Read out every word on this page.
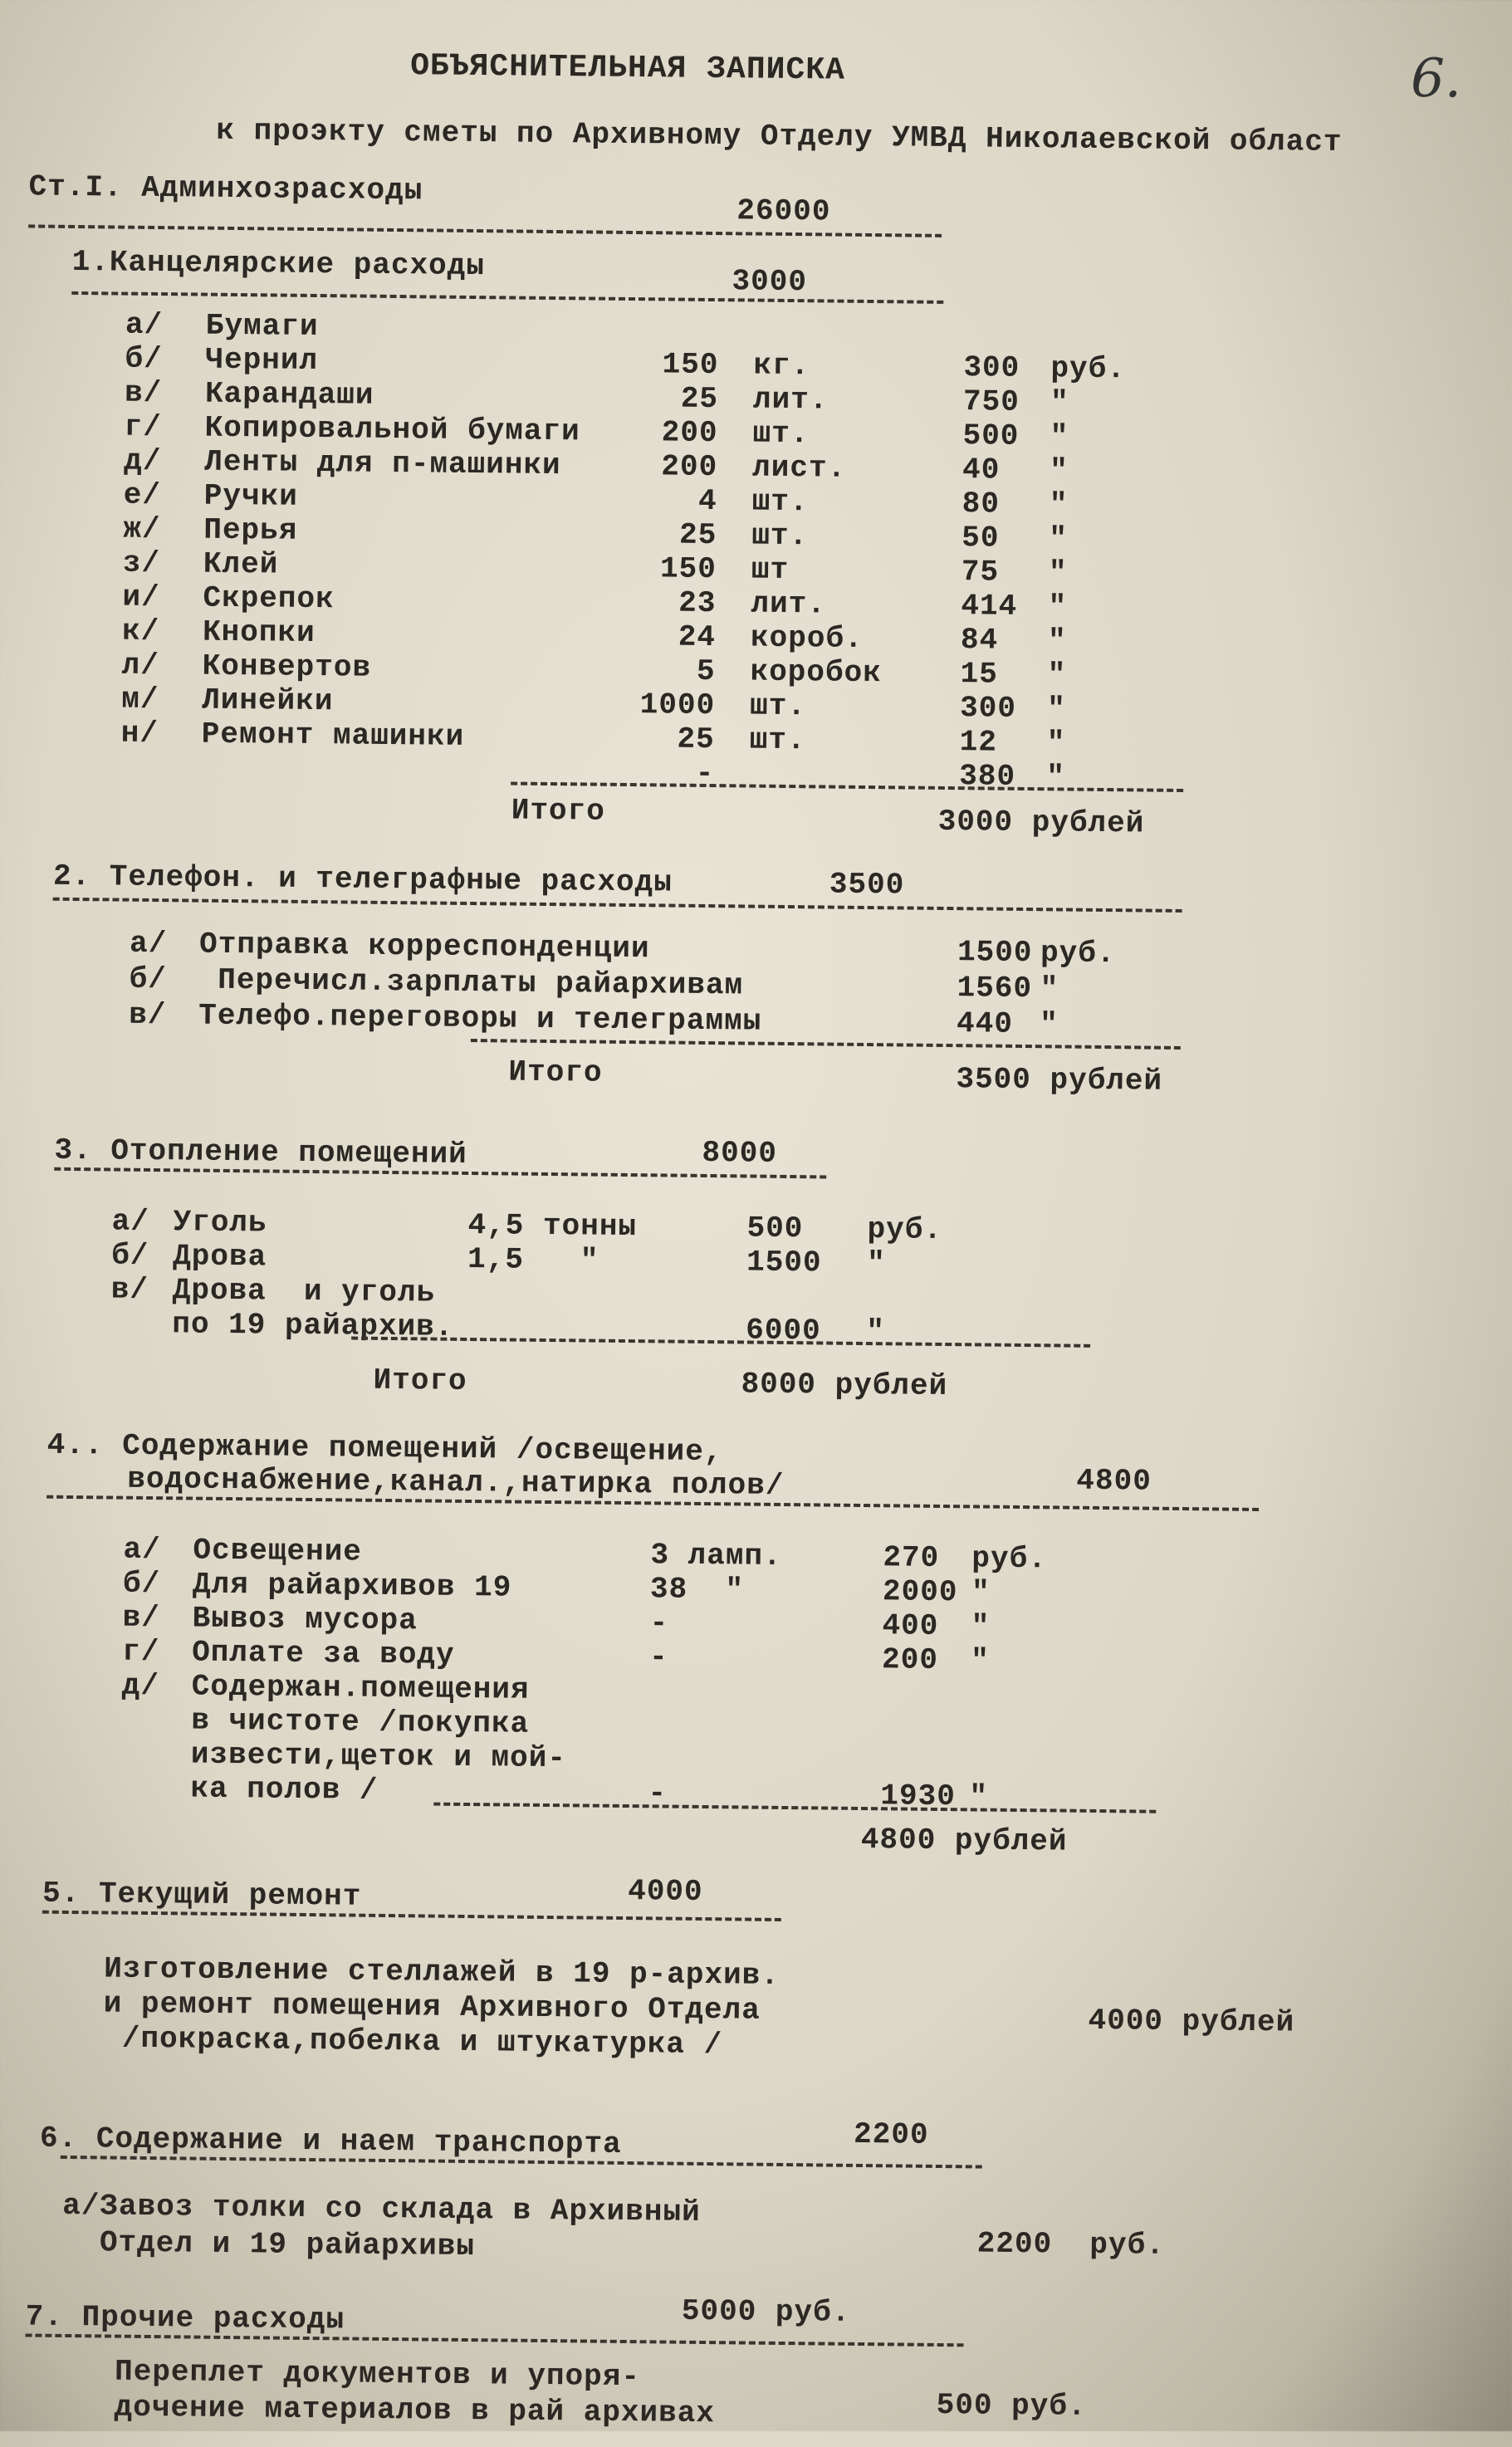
6.
ОБЪЯСНИТЕЛЬНАЯ ЗАПИСКА
к проэкту сметы по Архивному Отделу УМВД Николаевской област
Ст.I. Админхозрасходы
26000
1.Канцелярские расходы	3000
а/ Бумаги
б/ Чернил	150 кг.	300 руб.
в/ Карандаши	25 лит.	750 "
г/ Копировальной бумаги	200 шт.	500 "
д/ Ленты для п-машинки	200 лист.	40 "
е/ Ручки	4 шт.	80 "
ж/ Перья	25 шт.	50 "
з/ Клей	150 шт	75 "
и/ Скрепок	23 лит.	414 "
к/ Кнопки	24 короб.	84 "
л/ Конвертов	5 коробок	15 "
м/ Линейки	1000 шт.	300 "
н/ Ремонт машинки	25 шт.	12 "
-	380 "
Итого	3000 рублей
2. Телефон. и телеграфные расходы	3500
а/ Отправка корреспонденции	1500 руб.
б/ Перечисл.зарплаты райархивам	1560 "
в/ Телефо.переговоры и телеграммы	440 "
Итого	3500 рублей
3. Отопление помещений	8000
а/ Уголь	4,5 тонны	500 руб.
б/ Дрова	1,5   "	1500 "
в/ Дрова  и уголь
по 19 райархив.	6000 "
Итого	8000 рублей
4.. Содержание помещений /освещение,
водоснабжение,канал.,натирка полов/	4800
а/ Освещение	3 ламп.	270 руб.
б/ Для райархивов 19	38  "	2000 "
в/ Вывоз мусора	-	400 "
г/ Оплате за воду	-	200 "
д/ Содержан.помещения
в чистоте /покупка
извести,щеток и мой-
ка полов /	-	1930 "
4800 рублей
5. Текущий ремонт	4000
Изготовление стеллажей в 19 р-архив.
и ремонт помещения Архивного Отдела
/покраска,побелка и штукатурка /	4000 рублей
6. Содержание и наем транспорта	2200
а/Завоз толки со склада в Архивный
Отдел и 19 райархивы	2200  руб.
7. Прочие расходы	5000 руб.
Переплет документов и упоря-
дочение материалов в рай архивах	500 руб.
